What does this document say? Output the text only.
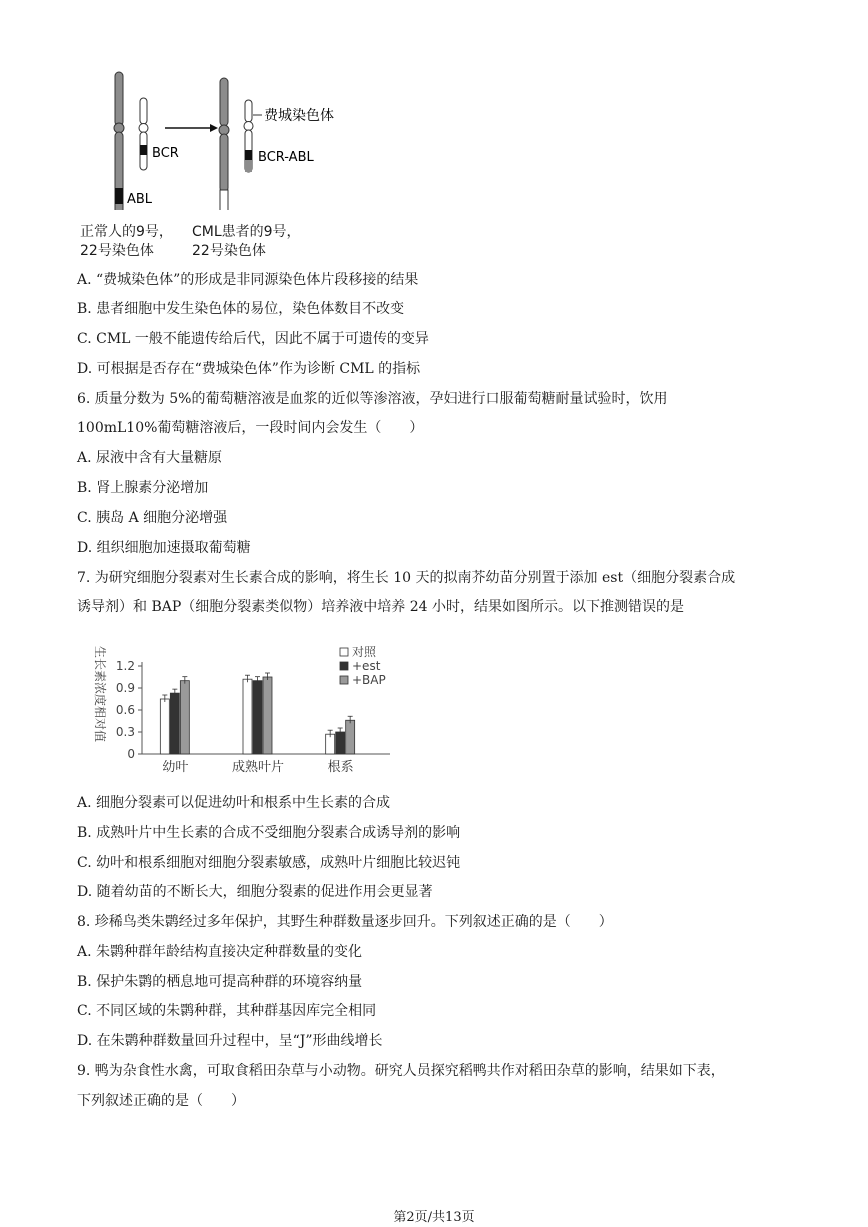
BCR
ABL
费城染色体
BCR-ABL
正常人的9号，
22号染色体
CML患者的9号，
22号染色体
A. “费城染色体”的形成是非同源染色体片段移接的结果
B. 患者细胞中发生染色体的易位，染色体数目不改变
C. CML 一般不能遗传给后代，因此不属于可遗传的变异
D. 可根据是否存在“费城染色体”作为诊断 CML 的指标
6. 质量分数为 5%的葡萄糖溶液是血浆的近似等渗溶液，孕妇进行口服葡萄糖耐量试验时，饮用
100mL10%葡萄糖溶液后，一段时间内会发生（　　）
A. 尿液中含有大量糖原
B. 肾上腺素分泌增加
C. 胰岛 A 细胞分泌增强
D. 组织细胞加速摄取葡萄糖
7. 为研究细胞分裂素对生长素合成的影响，将生长 10 天的拟南芥幼苗分别置于添加 est（细胞分裂素合成
诱导剂）和 BAP（细胞分裂素类似物）培养液中培养 24 小时，结果如图所示。以下推测错误的是
生长素浓度相对值
0
0.3
0.6
0.9
1.2
幼叶	成熟叶片	根系
对照
+est
+BAP
A. 细胞分裂素可以促进幼叶和根系中生长素的合成
B. 成熟叶片中生长素的合成不受细胞分裂素合成诱导剂的影响
C. 幼叶和根系细胞对细胞分裂素敏感，成熟叶片细胞比较迟钝
D. 随着幼苗的不断长大，细胞分裂素的促进作用会更显著
8. 珍稀鸟类朱鹮经过多年保护，其野生种群数量逐步回升。下列叙述正确的是（　　）
A. 朱鹮种群年龄结构直接决定种群数量的变化
B. 保护朱鹮的栖息地可提高种群的环境容纳量
C. 不同区域的朱鹮种群，其种群基因库完全相同
D. 在朱鹮种群数量回升过程中，呈“J”形曲线增长
9. 鸭为杂食性水禽，可取食稻田杂草与小动物。研究人员探究稻鸭共作对稻田杂草的影响，结果如下表，
下列叙述正确的是（　　）
第2页/共13页
